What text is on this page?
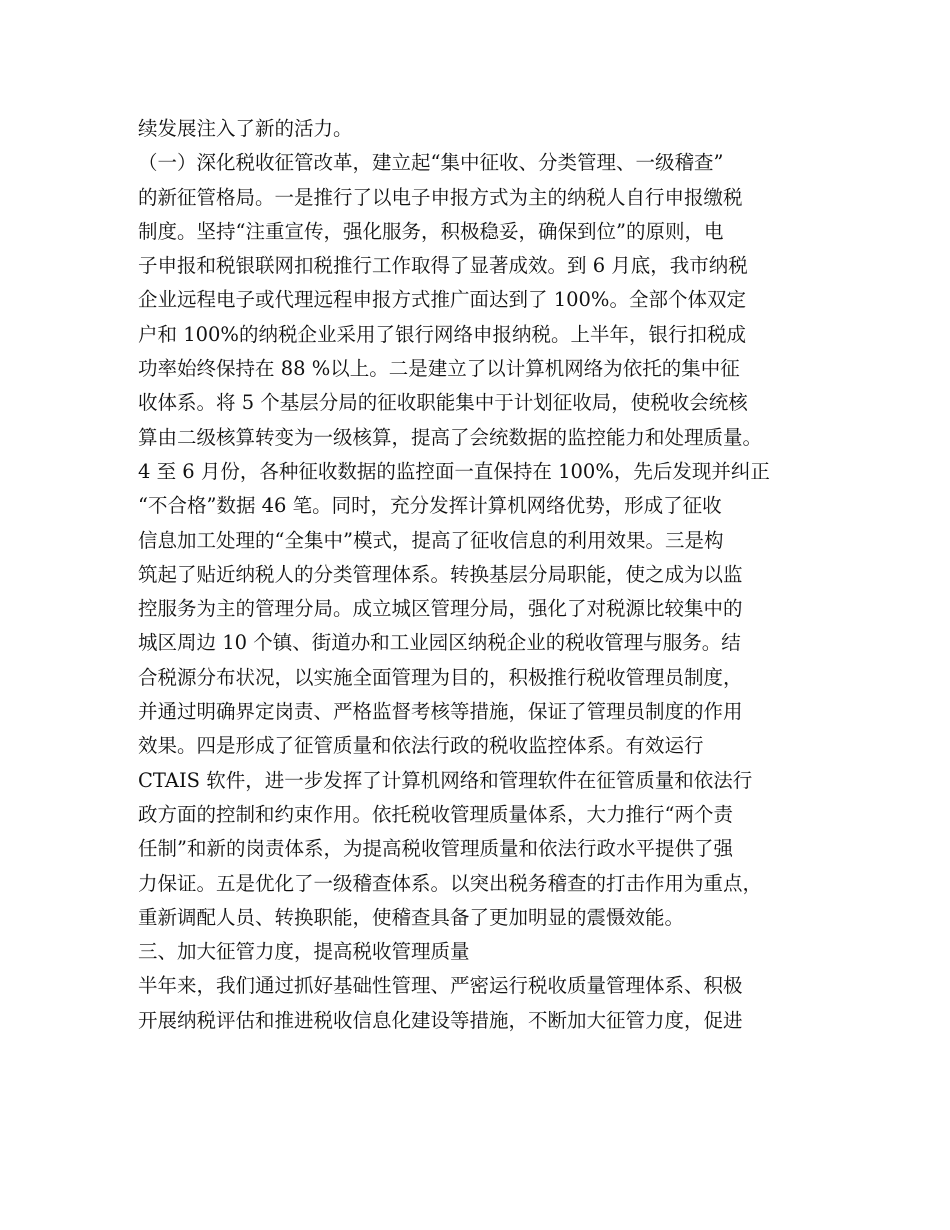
续发展注入了新的活力。
（一）深化税收征管改革，建立起“集中征收、分类管理、一级稽查”
的新征管格局。一是推行了以电子申报方式为主的纳税人自行申报缴税
制度。坚持“注重宣传，强化服务，积极稳妥，确保到位”的原则，电
子申报和税银联网扣税推行工作取得了显著成效。到 6 月底，我市纳税
企业远程电子或代理远程申报方式推广面达到了 100%。全部个体双定
户和 100%的纳税企业采用了银行网络申报纳税。上半年，银行扣税成
功率始终保持在 88 %以上。二是建立了以计算机网络为依托的集中征
收体系。将 5 个基层分局的征收职能集中于计划征收局，使税收会统核
算由二级核算转变为一级核算，提高了会统数据的监控能力和处理质量。
4 至 6 月份，各种征收数据的监控面一直保持在 100%，先后发现并纠正
“不合格”数据 46 笔。同时，充分发挥计算机网络优势，形成了征收
信息加工处理的“全集中”模式，提高了征收信息的利用效果。三是构
筑起了贴近纳税人的分类管理体系。转换基层分局职能，使之成为以监
控服务为主的管理分局。成立城区管理分局，强化了对税源比较集中的
城区周边 10 个镇、街道办和工业园区纳税企业的税收管理与服务。结
合税源分布状况，以实施全面管理为目的，积极推行税收管理员制度，
并通过明确界定岗责、严格监督考核等措施，保证了管理员制度的作用
效果。四是形成了征管质量和依法行政的税收监控体系。有效运行
CTAIS 软件，进一步发挥了计算机网络和管理软件在征管质量和依法行
政方面的控制和约束作用。依托税收管理质量体系，大力推行“两个责
任制”和新的岗责体系，为提高税收管理质量和依法行政水平提供了强
力保证。五是优化了一级稽查体系。以突出税务稽查的打击作用为重点，
重新调配人员、转换职能，使稽查具备了更加明显的震慑效能。
三、加大征管力度，提高税收管理质量
半年来，我们通过抓好基础性管理、严密运行税收质量管理体系、积极
开展纳税评估和推进税收信息化建设等措施，不断加大征管力度，促进
